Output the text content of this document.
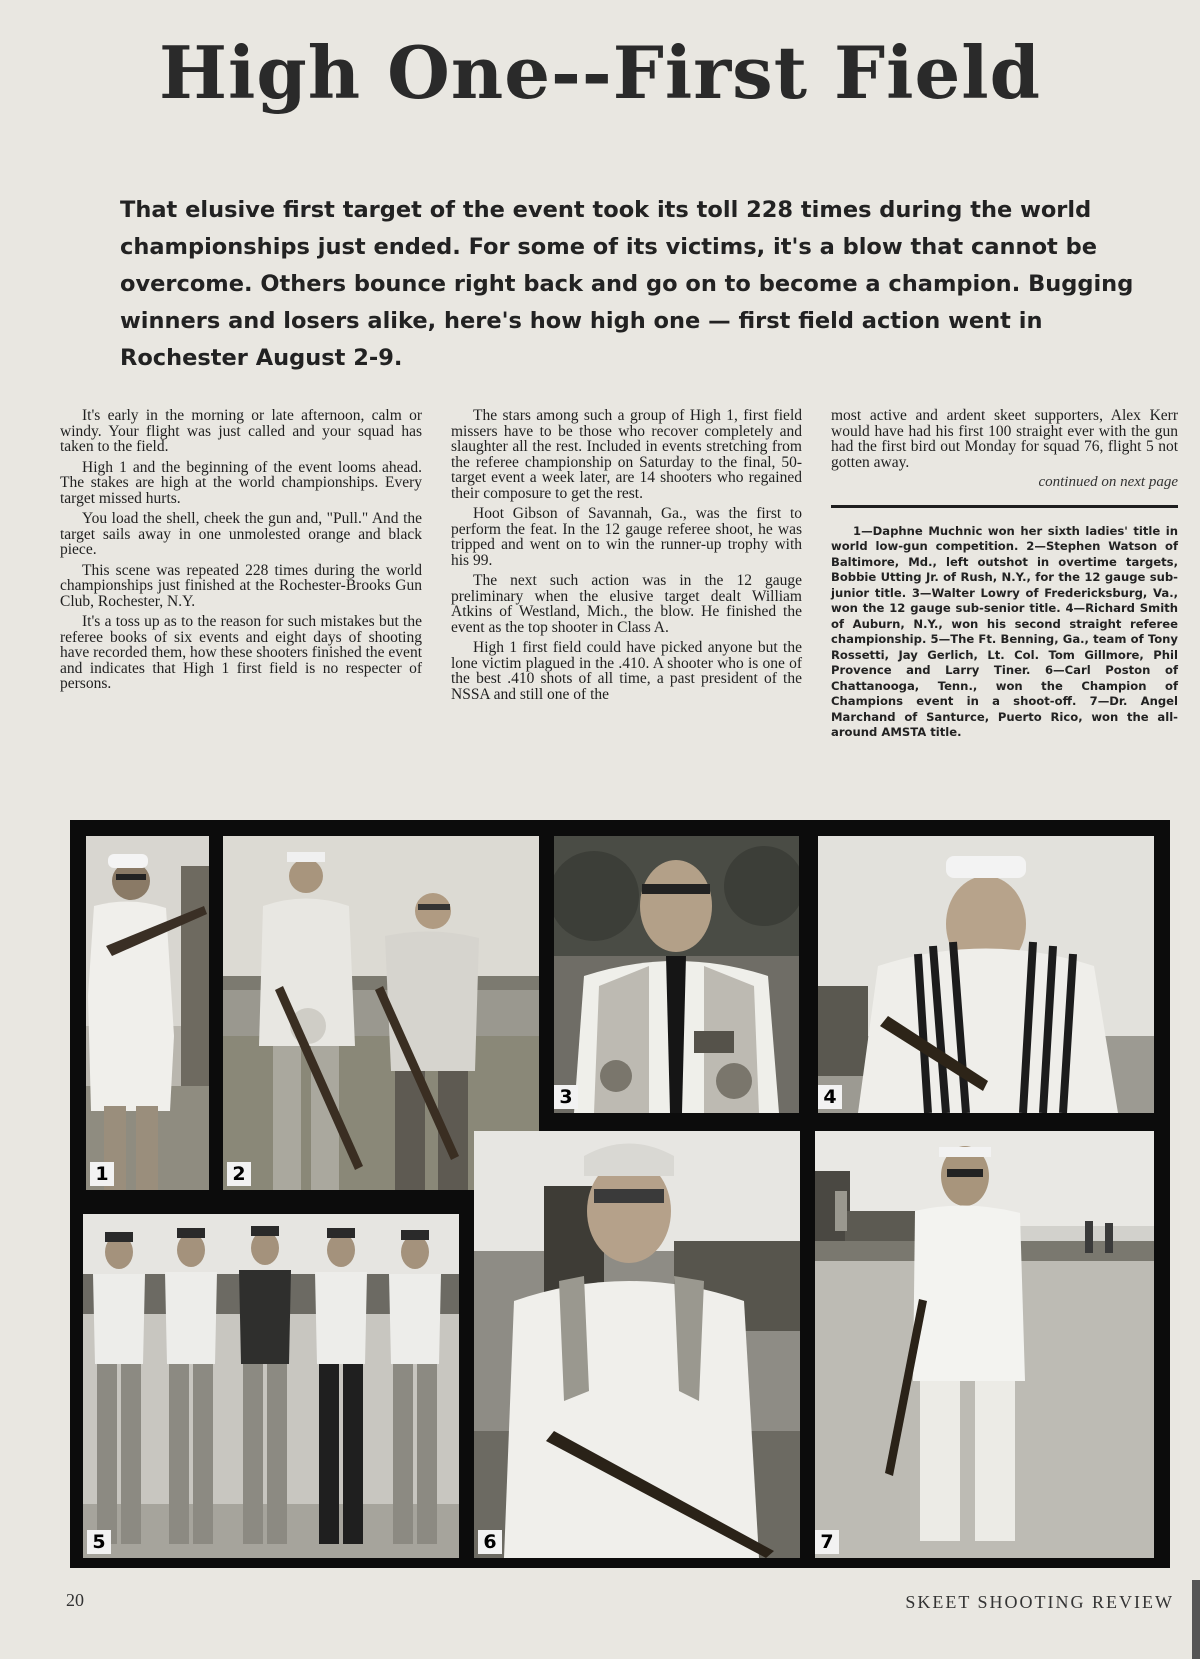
High One--First Field

That elusive first target of the event took its toll 228 times during the world championships just ended. For some of its victims, it's a blow that cannot be overcome. Others bounce right back and go on to become a champion. Bugging winners and losers alike, here's how high one — first field action went in Rochester August 2-9.

It's early in the morning or late afternoon, calm or windy. Your flight was just called and your squad has taken to the field.

High 1 and the beginning of the event looms ahead. The stakes are high at the world championships. Every target missed hurts.

You load the shell, cheek the gun and, "Pull." And the target sails away in one unmolested orange and black piece.

This scene was repeated 228 times during the world championships just finished at the Rochester-Brooks Gun Club, Rochester, N.Y.

It's a toss up as to the reason for such mistakes but the referee books of six events and eight days of shooting have recorded them, how these shooters finished the event and indicates that High 1 first field is no respecter of persons.

The stars among such a group of High 1, first field missers have to be those who recover completely and slaughter all the rest. Included in events stretching from the referee championship on Saturday to the final, 50-target event a week later, are 14 shooters who regained their composure to get the rest.

Hoot Gibson of Savannah, Ga., was the first to perform the feat. In the 12 gauge referee shoot, he was tripped and went on to win the runner-up trophy with his 99.

The next such action was in the 12 gauge preliminary when the elusive target dealt William Atkins of Westland, Mich., the blow. He finished the event as the top shooter in Class A.

High 1 first field could have picked anyone but the lone victim plagued in the .410. A shooter who is one of the best .410 shots of all time, a past president of the NSSA and still one of the

most active and ardent skeet supporters, Alex Kerr would have had his first 100 straight ever with the gun had the first bird out Monday for squad 76, flight 5 not gotten away.

continued on next page

1—Daphne Muchnic won her sixth ladies' title in world low-gun competition. 2—Stephen Watson of Baltimore, Md., left outshot in overtime targets, Bobbie Utting Jr. of Rush, N.Y., for the 12 gauge sub-junior title. 3—Walter Lowry of Fredericksburg, Va., won the 12 gauge sub-senior title. 4—Richard Smith of Auburn, N.Y., won his second straight referee championship. 5—The Ft. Benning, Ga., team of Tony Rossetti, Jay Gerlich, Lt. Col. Tom Gillmore, Phil Provence and Larry Tiner. 6—Carl Poston of Chattanooga, Tenn., won the Champion of Champions event in a shoot-off. 7—Dr. Angel Marchand of Santurce, Puerto Rico, won the all-around AMSTA title.

1	2
3	4
5	6	7
20	SKEET SHOOTING REVIEW
